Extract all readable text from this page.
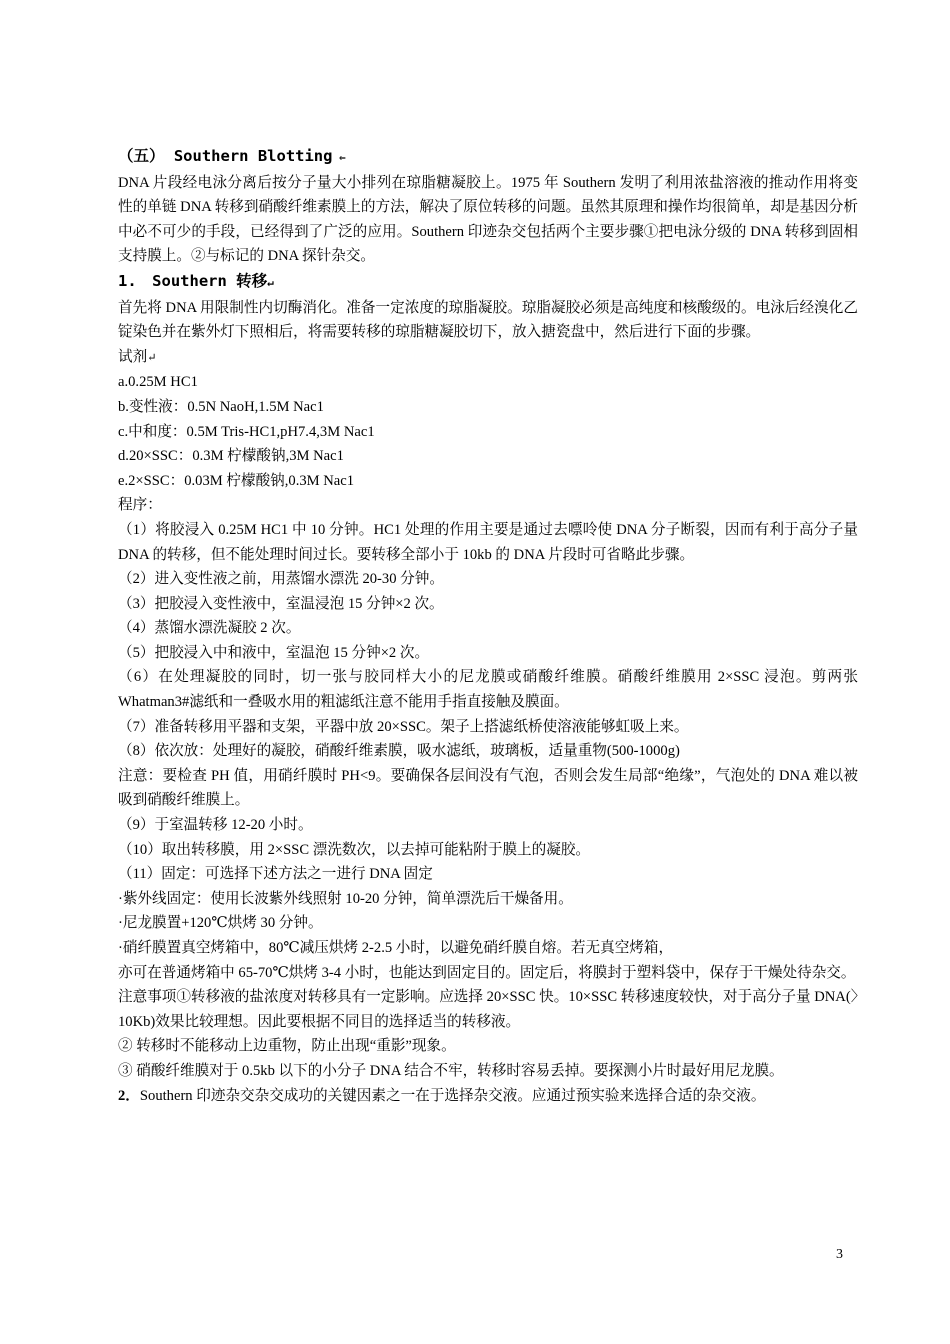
（五） Southern Blotting ⇐

DNA 片段经电泳分离后按分子量大小排列在琼脂糖凝胶上。1975 年 Southern 发明了利用浓盐溶液的推动作用将变性的单链 DNA 转移到硝酸纤维素膜上的方法，解决了原位转移的问题。虽然其原理和操作均很简单，却是基因分析中必不可少的手段，已经得到了广泛的应用。Southern 印迹杂交包括两个主要步骤①把电泳分级的 DNA 转移到固相支持膜上。②与标记的 DNA 探针杂交。

1.　Southern 转移↵

首先将 DNA 用限制性内切酶消化。准备一定浓度的琼脂凝胶。琼脂凝胶必须是高纯度和核酸级的。电泳后经溴化乙锭染色并在紫外灯下照相后，将需要转移的琼脂糖凝胶切下，放入搪瓷盘中，然后进行下面的步骤。

试剂↵
a.0.25M HC1
b.变性液：0.5N NaoH,1.5M Nac1
c.中和度：0.5M Tris-HC1,pH7.4,3M Nac1
d.20×SSC：0.3M 柠檬酸钠,3M Nac1
e.2×SSC：0.03M 柠檬酸钠,0.3M Nac1
程序：

（1）将胶浸入 0.25M HC1 中 10 分钟。HC1 处理的作用主要是通过去嘌呤使 DNA 分子断裂，因而有利于高分子量 DNA 的转移，但不能处理时间过长。要转移全部小于 10kb 的 DNA 片段时可省略此步骤。

（2）进入变性液之前，用蒸馏水漂洗 20-30 分钟。
（3）把胶浸入变性液中，室温浸泡 15 分钟×2 次。
（4）蒸馏水漂洗凝胶 2 次。
（5）把胶浸入中和液中，室温泡 15 分钟×2 次。

（6）在处理凝胶的同时，切一张与胶同样大小的尼龙膜或硝酸纤维膜。硝酸纤维膜用 2×SSC 浸泡。剪两张 Whatman3#滤纸和一叠吸水用的粗滤纸注意不能用手指直接触及膜面。

（7）准备转移用平器和支架，平器中放 20×SSC。架子上搭滤纸桥使溶液能够虹吸上来。
（8）依次放：处理好的凝胶，硝酸纤维素膜，吸水滤纸，玻璃板，适量重物(500-1000g)

注意：要检查 PH 值，用硝纤膜时 PH<9。要确保各层间没有气泡，否则会发生局部“绝缘”，气泡处的 DNA 难以被吸到硝酸纤维膜上。

（9）于室温转移 12-20 小时。
（10）取出转移膜，用 2×SSC 漂洗数次，以去掉可能粘附于膜上的凝胶。
（11）固定：可选择下述方法之一进行 DNA 固定
·紫外线固定：使用长波紫外线照射 10-20 分钟，简单漂洗后干燥备用。
·尼龙膜置+120℃烘烤 30 分钟。
·硝纤膜置真空烤箱中，80℃减压烘烤 2-2.5 小时，以避免硝纤膜自熔。若无真空烤箱，

亦可在普通烤箱中 65-70℃烘烤 3-4 小时，也能达到固定目的。固定后，将膜封于塑料袋中，保存于干燥处待杂交。

注意事项①转移液的盐浓度对转移具有一定影响。应选择 20×SSC 快。10×SSC 转移速度较快，对于高分子量 DNA(〉10Kb)效果比较理想。因此要根据不同目的选择适当的转移液。

② 转移时不能移动上边重物，防止出现“重影”现象。

③ 硝酸纤维膜对于 0.5kb 以下的小分子 DNA 结合不牢，转移时容易丢掉。要探测小片时最好用尼龙膜。

2．Southern 印迹杂交杂交成功的关键因素之一在于选择杂交液。应通过预实验来选择合适的杂交液。
3
